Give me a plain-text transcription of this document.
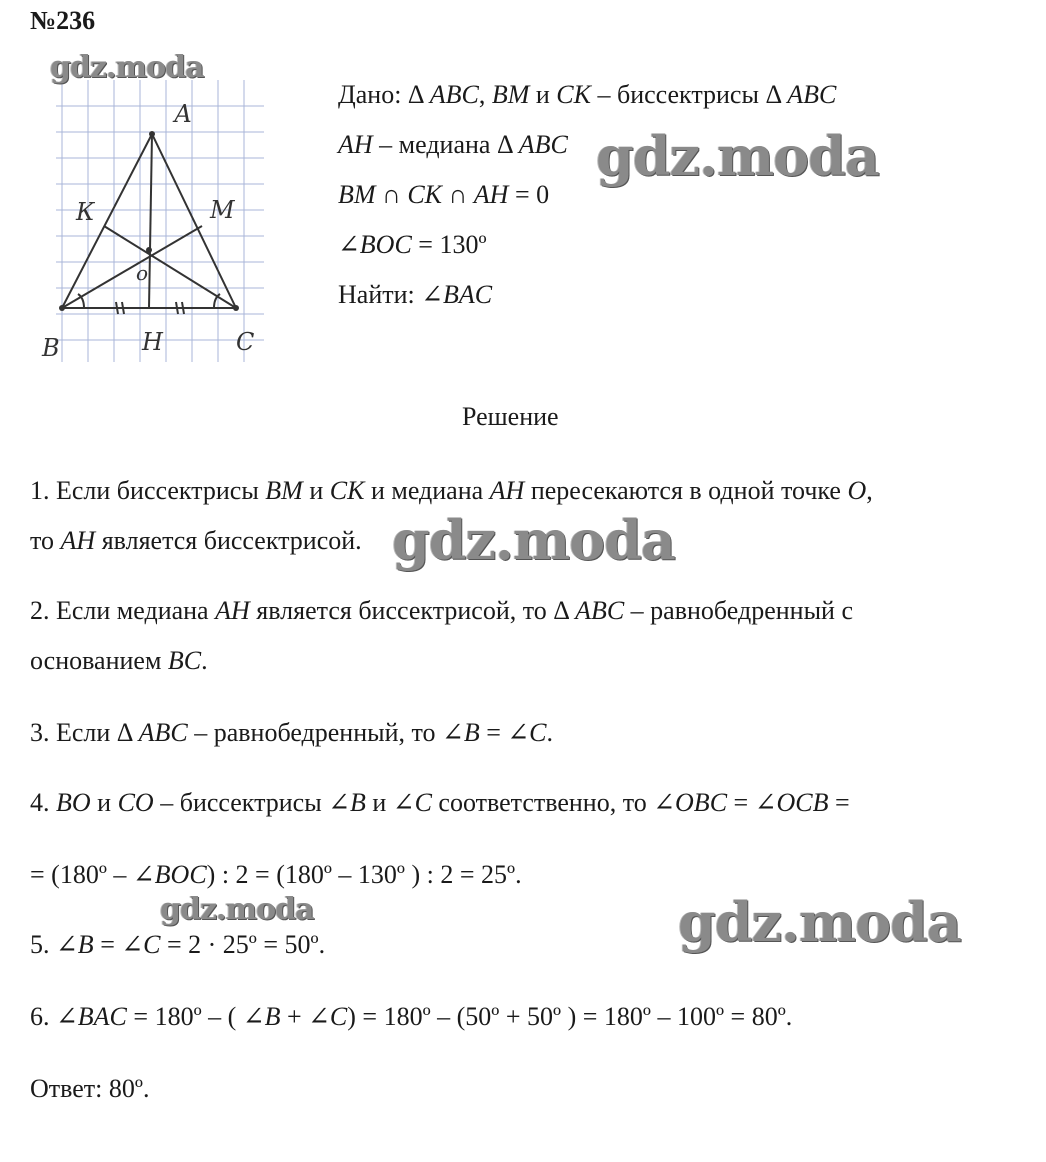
№236
А
В	С
Н
К	М
о
Дано: Δ ABC, BM и CK – биссектрисы Δ ABC
AH – медиана Δ ABC
BM ∩ CK ∩ AH = 0
∠BOC = 130º
Найти: ∠BAC
Решение
1. Если биссектрисы BM и CK и медиана AH пересекаются в одной точке O,
то AH является биссектрисой.
2. Если медиана AH является биссектрисой, то Δ ABC – равнобедренный с
основанием BC.
3. Если Δ ABC – равнобедренный, то ∠B = ∠C.
4. BO и CO – биссектрисы ∠B и ∠C соответственно, то ∠OBC = ∠OCB =
= (180º – ∠BOC) : 2 = (180º – 130º ) : 2 = 25º.
5. ∠B = ∠C = 2 · 25º = 50º.
6. ∠BAC = 180º – ( ∠B + ∠C) = 180º – (50º + 50º ) = 180º – 100º = 80º.
Ответ: 80º.
gdz.moda
gdz.moda
gdz.moda
gdz.moda	gdz.moda
